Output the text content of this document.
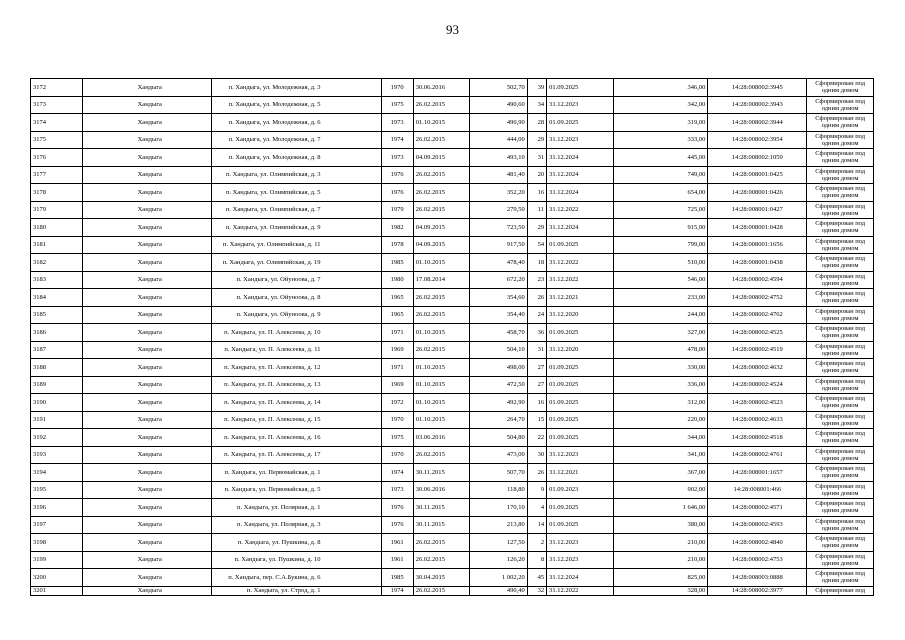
93
3172	Хандыга	п. Хандыга, ул. Молодежная, д. 3	1970	30.06.2016	502,70	39	01.09.2025	346,00	14:28:008002:3945	Сформирован под одним домом
3173	Хандыга	п. Хандыга, ул. Молодежная, д. 5	1975	26.02.2015	490,60	34	31.12.2023	342,00	14:28:008002:3943	Сформирован под одним домом
3174	Хандыга	п. Хандыга, ул. Молодежная, д. 6	1973	01.10.2015	490,90	28	01.09.2025	319,00	14:28:008002:3944	Сформирован под одним домом
3175	Хандыга	п. Хандыга, ул. Молодежная, д. 7	1974	26.02.2015	444,00	29	31.12.2023	333,00	14:28:008002:3954	Сформирован под одним домом
3176	Хандыга	п. Хандыга, ул. Молодежная, д. 8	1973	04.09.2015	493,10	31	31.12.2024	445,00	14:28:008002:1059	Сформирован под одним домом
3177	Хандыга	п. Хандыга, ул. Олимпийская, д. 3	1976	26.02.2015	481,40	20	31.12.2024	749,00	14:28:008001:0425	Сформирован под одним домом
3178	Хандыга	п. Хандыга, ул. Олимпийская, д. 5	1976	26.02.2015	352,20	16	31.12.2024	654,00	14:28:008001:0426	Сформирован под одним домом
3179	Хандыга	п. Хандыга, ул. Олимпийская, д. 7	1979	26.02.2015	279,50	11	31.12.2022	725,00	14:28:008001:0427	Сформирован под одним домом
3180	Хандыга	п. Хандыга, ул. Олимпийская, д. 9	1982	04.09.2015	723,50	29	31.12.2024	915,00	14:28:008001:0428	Сформирован под одним домом
3181	Хандыга	п. Хандыга, ул. Олимпийская, д. 11	1978	04.09.2015	917,50	54	01.09.2025	799,00	14:28:008001:1656	Сформирован под одним домом
3182	Хандыга	п. Хандыга, ул. Олимпийская, д. 19	1985	01.10.2015	478,40	18	31.12.2022	510,00	14:28:008001:0438	Сформирован под одним домом
3183	Хандыга	п. Хандыга, ул. Ойуноова, д. 7	1980	17.08.2014	672,20	23	31.12.2022	546,00	14:28:008002:4594	Сформирован под одним домом
3184	Хандыга	п. Хандыга, ул. Ойуноова, д. 8	1965	26.02.2015	354,60	26	31.12.2021	233,00	14:28:008002:4752	Сформирован под одним домом
3185	Хандыга	п. Хандыга, ул. Ойуноова, д. 9	1965	26.02.2015	354,40	24	31.12.2020	244,00	14:28:008002:4762	Сформирован под одним домом
3186	Хандыга	п. Хандыга, ул. П. Алексеева, д. 10	1971	01.10.2015	458,70	36	01.09.2025	327,00	14:28:008002:4525	Сформирован под одним домом
3187	Хандыга	п. Хандыга, ул. П. Алексеева, д. 11	1969	26.02.2015	504,10	31	31.12.2020	478,00	14:28:008002:4519	Сформирован под одним домом
3188	Хандыга	п. Хандыга, ул. П. Алексеева, д. 12	1971	01.10.2015	498,00	27	01.09.2025	330,00	14:28:008002:4632	Сформирован под одним домом
3189	Хандыга	п. Хандыга, ул. П. Алексеева, д. 13	1969	01.10.2015	472,50	27	01.09.2025	336,00	14:28:008002:4524	Сформирован под одним домом
3190	Хандыга	п. Хандыга, ул. П. Алексеева, д. 14	1972	01.10.2015	492,90	16	01.09.2025	312,00	14:28:008002:4523	Сформирован под одним домом
3191	Хандыга	п. Хандыга, ул. П. Алексеева, д. 15	1970	01.10.2015	264,70	15	01.09.2025	220,00	14:28:008002:4633	Сформирован под одним домом
3192	Хандыга	п. Хандыга, ул. П. Алексеева, д. 16	1975	03.06.2016	504,80	22	01.09.2025	344,00	14:28:008002:4518	Сформирован под одним домом
3193	Хандыга	п. Хандыга, ул. П. Алексеева, д. 17	1970	26.02.2015	473,00	30	31.12.2023	341,00	14:28:008002:4761	Сформирован под одним домом
3194	Хандыга	п. Хандыга, ул. Первомайская, д. 1	1974	30.11.2015	507,70	26	31.12.2021	367,00	14:28:008001:1657	Сформирован под одним домом
3195	Хандыга	п. Хандыга, ул. Первомайская, д. 5	1973	30.06.2016	118,80	9	01.09.2023	902,00	14:28:008001:466	Сформирован под одним домом
3196	Хандыга	п. Хандыга, ул. Полярная, д. 1	1976	30.11.2015	170,10	4	01.09.2025	1 646,00	14:28:008002:4571	Сформирован под одним домом
3197	Хандыга	п. Хандыга, ул. Полярная, д. 3	1976	30.11.2015	213,80	14	01.09.2025	380,00	14:28:008002:4593	Сформирован под одним домом
3198	Хандыга	п. Хандыга, ул. Пушкина, д. 8	1961	26.02.2015	127,50	2	31.12.2023	210,00	14:28:008002:4840	Сформирован под одним домом
3199	Хандыга	п. Хандыга, ул. Пушкина, д. 10	1961	26.02.2015	126,20	8	31.12.2023	210,00	14:28:008002:4753	Сформирован под одним домом
3200	Хандыга	п. Хандыга, пер. С.А.Букина, д. 6	1985	30.04.2015	1 002,20	45	31.12.2024	825,00	14:28:008003:0888	Сформирован под одним домом
3201	Хандыга	п. Хандыга, ул. Строд, д. 1	1974	26.02.2015	490,40	32	31.12.2022	328,00	14:28:008002:3977	Сформирован под
